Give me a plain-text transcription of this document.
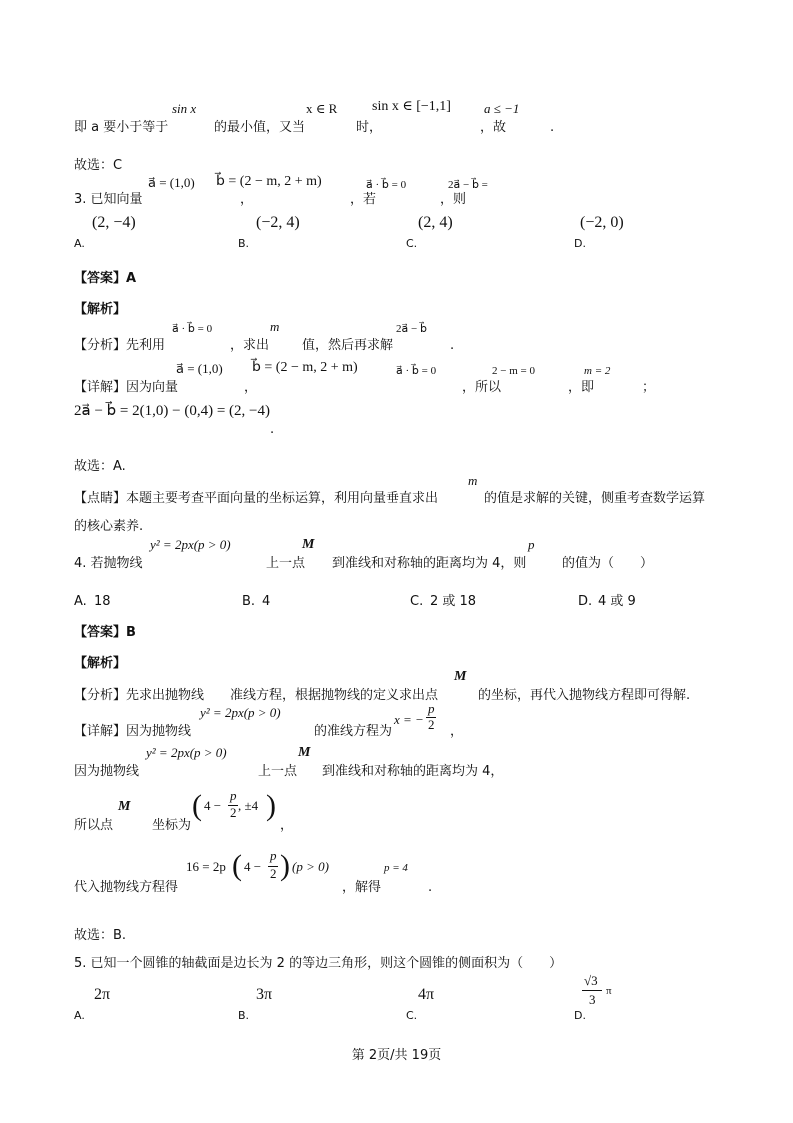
sin x	x ∈ R sin x ∈ [−1,1]	a ≤ −1
即 a 要小于等于	的最小值，又当	时，	，故	.
故选：C
a⃗ = (1,0) b⃗ = (2 − m, 2 + m)	a⃗ · b⃗ = 0	2a⃗ − b⃗ =
3. 已知向量	，	，若	，则
(2, −4)	(−2, 4)	(2, 4)	(−2, 0)
A.	B.	C.	D.
【答案】A
【解析】
a⃗ · b⃗ = 0	m	2a⃗ − b⃗
【分析】先利用	，求出	值，然后再求解	.
a⃗ = (1,0) b⃗ = (2 − m, 2 + m)	a⃗ · b⃗ = 0	2 − m = 0	m = 2
【详解】因为向量	，	，所以	，即	；
2a⃗ − b⃗ = 2(1,0) − (0,4) = (2, −4)
.
故选：A.
m
【点睛】本题主要考查平面向量的坐标运算，利用向量垂直求出	的值是求解的关键，侧重考查数学运算
的核心素养.
y² = 2px(p > 0)	M	p
4. 若抛物线	上一点 到准线和对称轴的距离均为 4，则	的值为（　　）
A. 18	B. 4	C. 2 或 18	D. 4 或 9
【答案】B
【解析】
M
【分析】先求出抛物线 准线方程，根据抛物线的定义求出点	的坐标，再代入抛物线方程即可得解.
y² = 2px(p > 0)	x = −
p
2
【详解】因为抛物线	的准线方程为	，
y² = 2px(p > 0)	M
因为抛物线	上一点 到准线和对称轴的距离均为 4，
M ( 4 −
p
2 , ±4 )
所以点	坐标为	，
16 = 2p ( 4 −
p
2 ) (p > 0)	p = 4
代入抛物线方程得	，解得	.
故选：B.
5. 已知一个圆锥的轴截面是边长为 2 的等边三角形，则这个圆锥的侧面积为（　　）
2π	3π	4π
√3
3
π
A.	B.	C.	D.
第 2页/共 19页
